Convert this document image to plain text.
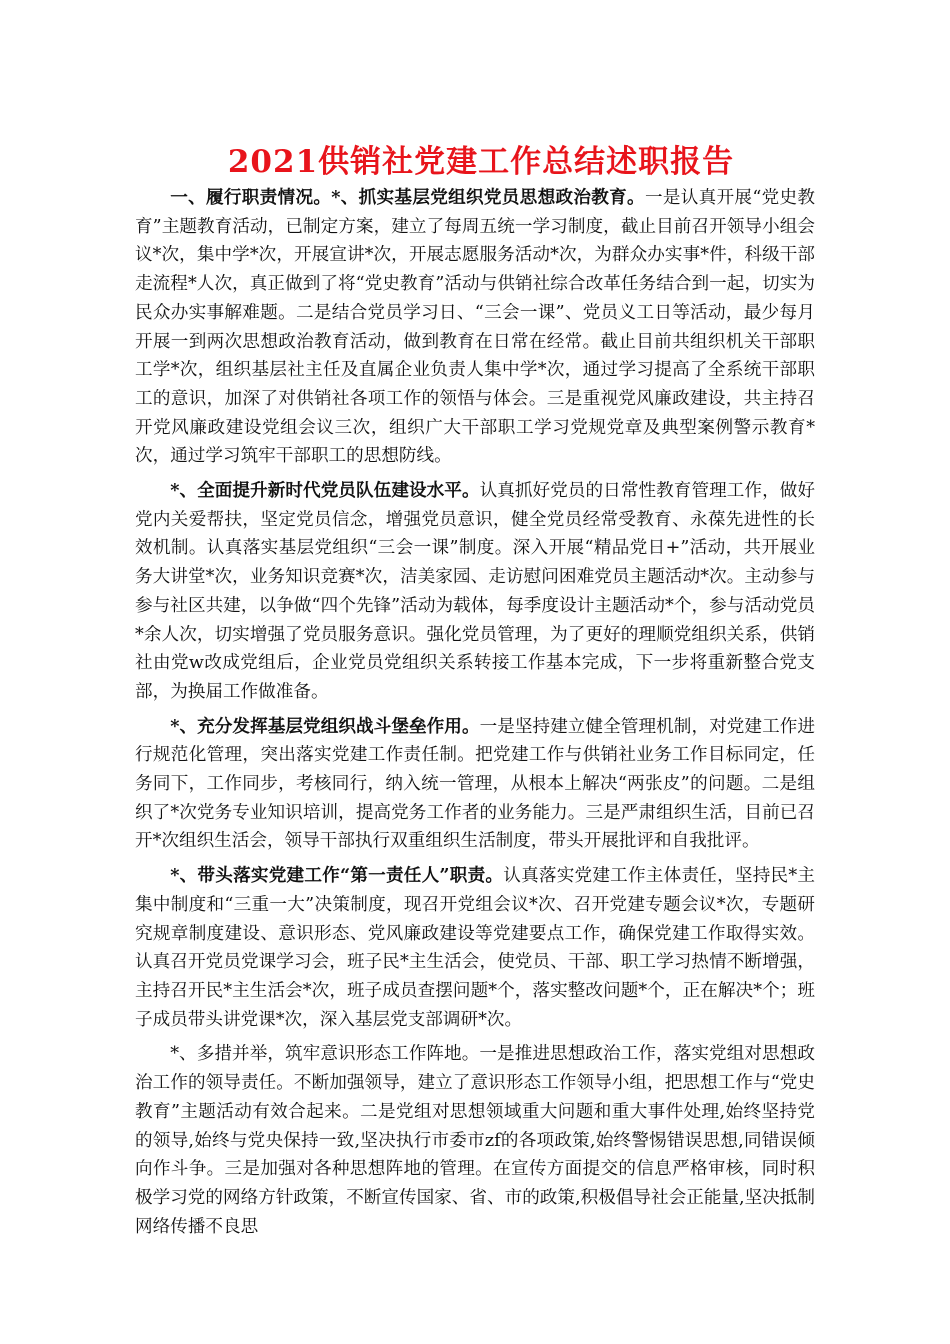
2021供销社党建工作总结述职报告

一、履行职责情况。*、抓实基层党组织党员思想政治教育。一是认真开展“党史教育”主题教育活动，已制定方案，建立了每周五统一学习制度，截止目前召开领导小组会议*次，集中学*次，开展宣讲*次，开展志愿服务活动*次，为群众办实事*件，科级干部走流程*人次，真正做到了将“党史教育”活动与供销社综合改革任务结合到一起，切实为民众办实事解难题。二是结合党员学习日、“三会一课”、党员义工日等活动，最少每月开展一到两次思想政治教育活动，做到教育在日常在经常。截止目前共组织机关干部职工学*次，组织基层社主任及直属企业负责人集中学*次，通过学习提高了全系统干部职工的意识，加深了对供销社各项工作的领悟与体会。三是重视党风廉政建设，共主持召开党风廉政建设党组会议三次，组织广大干部职工学习党规党章及典型案例警示教育*次，通过学习筑牢干部职工的思想防线。

*、全面提升新时代党员队伍建设水平。认真抓好党员的日常性教育管理工作，做好党内关爱帮扶，坚定党员信念，增强党员意识，健全党员经常受教育、永葆先进性的长效机制。认真落实基层党组织“三会一课”制度。深入开展“精品党日+”活动，共开展业务大讲堂*次，业务知识竞赛*次，洁美家园、走访慰问困难党员主题活动*次。主动参与参与社区共建，以争做“四个先锋”活动为载体，每季度设计主题活动*个，参与活动党员*余人次，切实增强了党员服务意识。强化党员管理，为了更好的理顺党组织关系，供销社由党w改成党组后，企业党员党组织关系转接工作基本完成，下一步将重新整合党支部，为换届工作做准备。

*、充分发挥基层党组织战斗堡垒作用。一是坚持建立健全管理机制，对党建工作进行规范化管理，突出落实党建工作责任制。把党建工作与供销社业务工作目标同定，任务同下，工作同步，考核同行，纳入统一管理，从根本上解决“两张皮”的问题。二是组织了*次党务专业知识培训，提高党务工作者的业务能力。三是严肃组织生活，目前已召开*次组织生活会，领导干部执行双重组织生活制度，带头开展批评和自我批评。

*、带头落实党建工作“第一责任人”职责。认真落实党建工作主体责任，坚持民*主集中制度和“三重一大”决策制度，现召开党组会议*次、召开党建专题会议*次，专题研究规章制度建设、意识形态、党风廉政建设等党建要点工作，确保党建工作取得实效。认真召开党员党课学习会，班子民*主生活会，使党员、干部、职工学习热情不断增强，主持召开民*主生活会*次，班子成员查摆问题*个，落实整改问题*个，正在解决*个；班子成员带头讲党课*次，深入基层党支部调研*次。

*、多措并举，筑牢意识形态工作阵地。一是推进思想政治工作，落实党组对思想政治工作的领导责任。不断加强领导，建立了意识形态工作领导小组，把思想工作与“党史教育”主题活动有效合起来。二是党组对思想领域重大问题和重大事件处理,始终坚持党的领导,始终与党央保持一致,坚决执行市委市zf的各项政策,始终警惕错误思想,同错误倾向作斗争。三是加强对各种思想阵地的管理。在宣传方面提交的信息严格审核，同时积极学习党的网络方针政策，不断宣传国家、省、市的政策,积极倡导社会正能量,坚决抵制网络传播不良思
